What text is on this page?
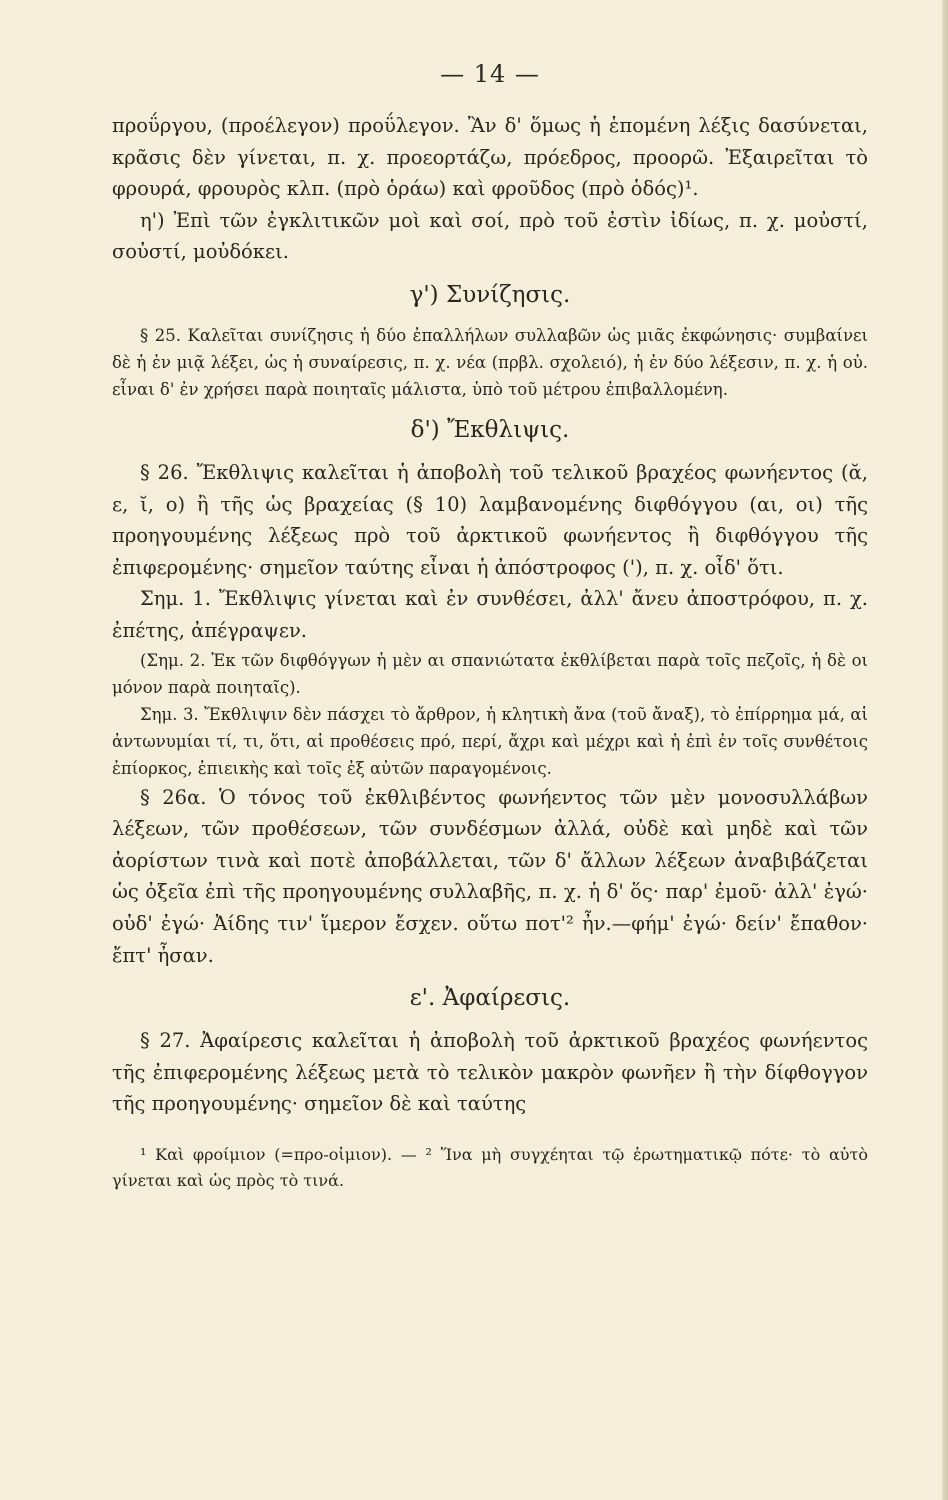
— 14 —

προΰργου, (προέλεγον) προΰλεγον. Ἂν δ' ὅμως ἡ ἑπομένη λέξις δασύνεται, κρᾶσις δὲν γίνεται, π. χ. προεορτάζω, πρόεδρος, προορῶ. Ἐξαιρεῖται τὸ φρουρά, φρουρὸς κλπ. (πρὸ ὁράω) καὶ φροῦδος (πρὸ ὁδός)¹.

η') Ἐπὶ τῶν ἐγκλιτικῶν μοὶ καὶ σοί, πρὸ τοῦ ἐστὶν ἰδίως, π. χ. μοὐστί, σοὐστί, μοὐδόκει.

γ') Συνίζησις.

§ 25. Καλεῖται συνίζησις ἡ δύο ἐπαλλήλων συλλαβῶν ὡς μιᾶς ἐκφώνησις· συμβαίνει δὲ ἡ ἐν μιᾷ λέξει, ὡς ἡ συναίρεσις, π. χ. νέα (πρβλ. σχολειό), ἡ ἐν δύο λέξεσιν, π. χ. ἡ οὐ. εἶναι δ' ἐν χρήσει παρὰ ποιηταῖς μάλιστα, ὑπὸ τοῦ μέτρου ἐπιβαλλομένη.

δ') Ἔκθλιψις.

§ 26. Ἔκθλιψις καλεῖται ἡ ἀποβολὴ τοῦ τελικοῦ βραχέος φωνήεντος (ᾰ, ε, ῐ, ο) ἢ τῆς ὡς βραχείας (§ 10) λαμβανομένης διφθόγγου (αι, οι) τῆς προηγουμένης λέξεως πρὸ τοῦ ἀρκτικοῦ φωνήεντος ἢ διφθόγγου τῆς ἐπιφερομένης· σημεῖον ταύτης εἶναι ἡ ἀπόστροφος ('), π. χ. οἶδ' ὅτι.

Σημ. 1. Ἔκθλιψις γίνεται καὶ ἐν συνθέσει, ἀλλ' ἄνευ ἀποστρόφου, π. χ. ἐπέτης, ἀπέγραψεν.

(Σημ. 2. Ἐκ τῶν διφθόγγων ἡ μὲν αι σπανιώτατα ἐκθλίβεται παρὰ τοῖς πεζοῖς, ἡ δὲ οι μόνον παρὰ ποιηταῖς).

Σημ. 3. Ἔκθλιψιν δὲν πάσχει τὸ ἄρθρον, ἡ κλητικὴ ἄνα (τοῦ ἄναξ), τὸ ἐπίρρημα μά, αἱ ἀντωνυμίαι τί, τι, ὅτι, αἱ προθέσεις πρό, περί, ἄχρι καὶ μέχρι καὶ ἡ ἐπὶ ἐν τοῖς συνθέτοις ἐπίορκος, ἐπιεικὴς καὶ τοῖς ἐξ αὐτῶν παραγομένοις.

§ 26α. Ὁ τόνος τοῦ ἐκθλιβέντος φωνήεντος τῶν μὲν μονοσυλλάβων λέξεων, τῶν προθέσεων, τῶν συνδέσμων ἀλλά, οὐδὲ καὶ μηδὲ καὶ τῶν ἀορίστων τινὰ καὶ ποτὲ ἀποβάλλεται, τῶν δ' ἄλλων λέξεων ἀναβιβάζεται ὡς ὀξεῖα ἐπὶ τῆς προηγουμένης συλλαβῆς, π. χ. ἡ δ' ὅς· παρ' ἐμοῦ· ἀλλ' ἐγώ· οὐδ' ἐγώ· Ἀίδης τιν' ἵμερον ἔσχεν. οὕτω ποτ'² ἦν.—φήμ' ἐγώ· δείν' ἔπαθον· ἔπτ' ἦσαν.

ε'. Ἀφαίρεσις.

§ 27. Ἀφαίρεσις καλεῖται ἡ ἀποβολὴ τοῦ ἀρκτικοῦ βραχέος φωνήεντος τῆς ἐπιφερομένης λέξεως μετὰ τὸ τελικὸν μακρὸν φωνῆεν ἢ τὴν δίφθογγον τῆς προηγουμένης· σημεῖον δὲ καὶ ταύτης

¹ Καὶ φροίμιον (=προ-οἰμιον). — ² Ἵνα μὴ συγχέηται τῷ ἐρωτηματικῷ πότε· τὸ αὐτὸ γίνεται καὶ ὡς πρὸς τὸ τινά.
